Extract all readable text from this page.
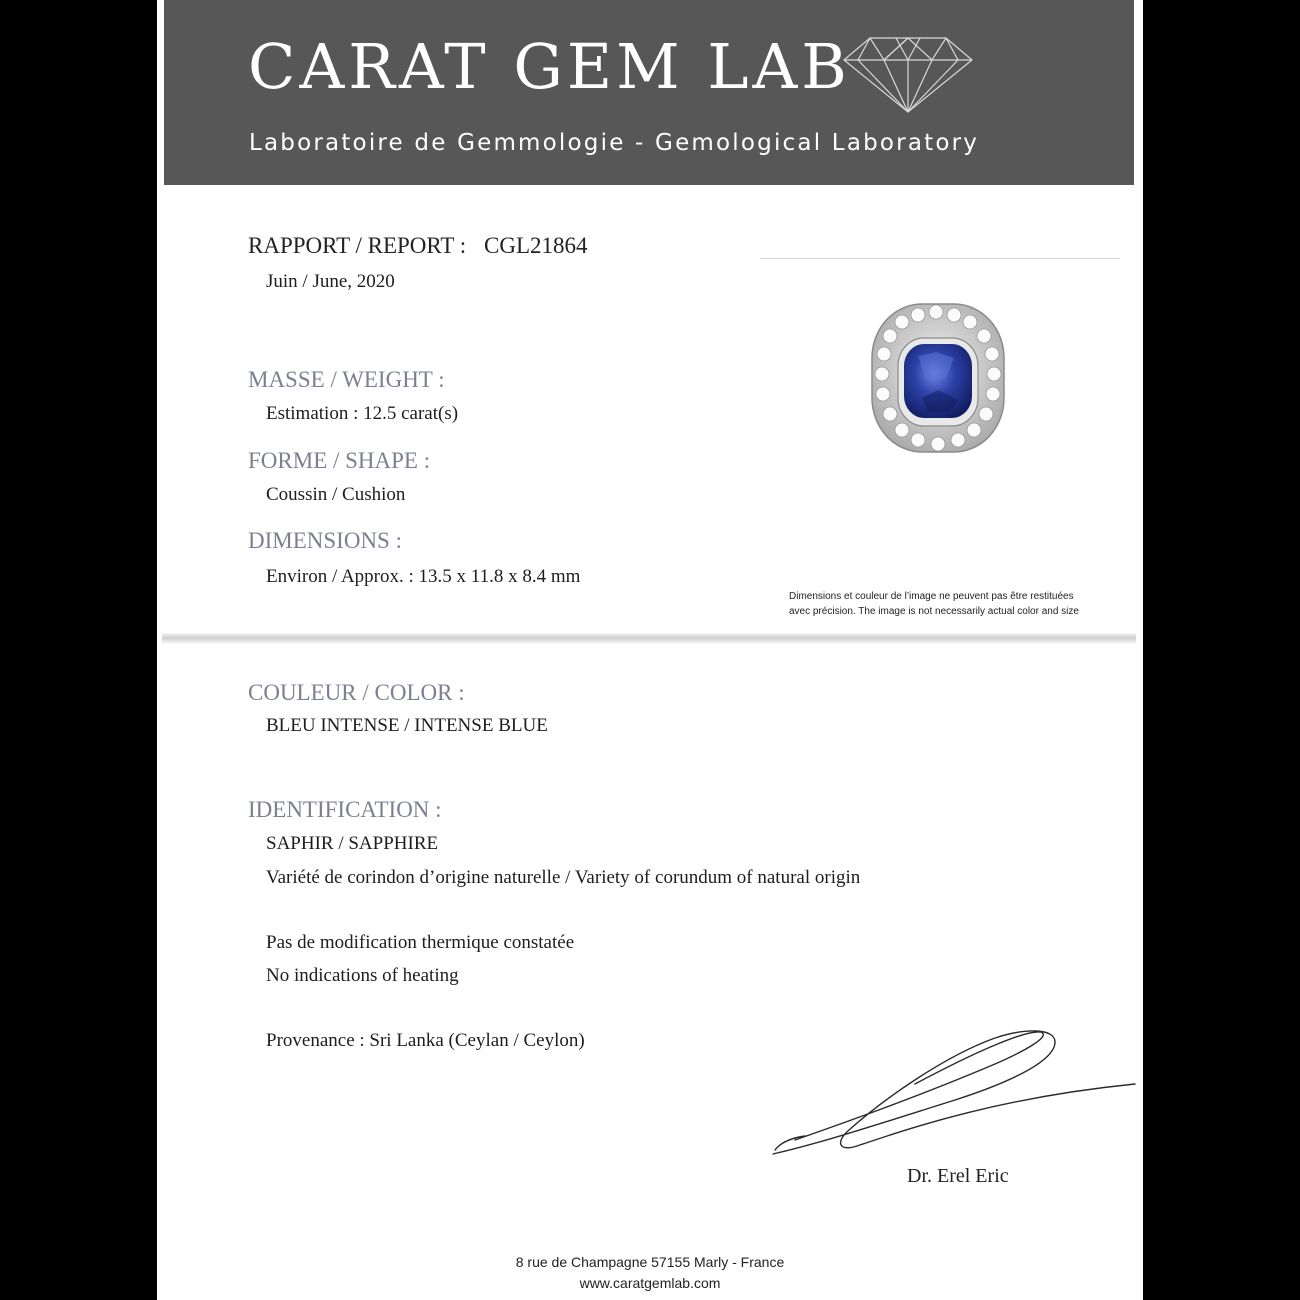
CARAT GEM LAB
Laboratoire de Gemmologie - Gemological Laboratory
RAPPORT / REPORT : CGL21864
Juin / June, 2020
MASSE / WEIGHT :
Estimation : 12.5 carat(s)
FORME / SHAPE :
Coussin / Cushion
DIMENSIONS :
Environ / Approx. : 13.5 x 11.8 x 8.4 mm
Dimensions et couleur de l’image ne peuvent pas être restituées
avec précision. The image is not necessarily actual color and size
COULEUR / COLOR :
BLEU INTENSE / INTENSE BLUE
IDENTIFICATION :
SAPHIR / SAPPHIRE
Variété de corindon d’origine naturelle / Variety of corundum of natural origin
Pas de modification thermique constatée
No indications of heating
Provenance : Sri Lanka (Ceylan / Ceylon)
Dr. Erel Eric
8 rue de Champagne 57155 Marly - France
www.caratgemlab.com
